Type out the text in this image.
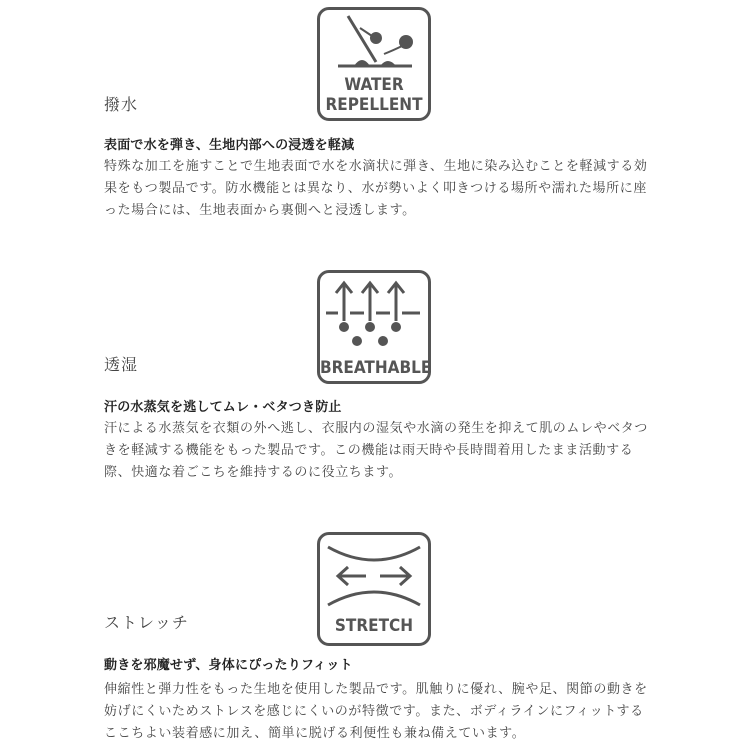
WATER
REPELLENT
撥水
表面で水を弾き、生地内部への浸透を軽減
特殊な加工を施すことで生地表面で水を水滴状に弾き、生地に染み込むことを軽減する効果をもつ製品です。防水機能とは異なり、水が勢いよく叩きつける場所や濡れた場所に座った場合には、生地表面から裏側へと浸透します。
BREATHABLE
透湿
汗の水蒸気を逃してムレ・ベタつき防止
汗による水蒸気を衣類の外へ逃し、衣服内の湿気や水滴の発生を抑えて肌のムレやベタつきを軽減する機能をもった製品です。この機能は雨天時や長時間着用したまま活動する際、快適な着ごこちを維持するのに役立ちます。
STRETCH
ストレッチ
動きを邪魔せず、身体にぴったりフィット
伸縮性と弾力性をもった生地を使用した製品です。肌触りに優れ、腕や足、関節の動きを妨げにくいためストレスを感じにくいのが特徴です。また、ボディラインにフィットするここちよい装着感に加え、簡単に脱げる利便性も兼ね備えています。
